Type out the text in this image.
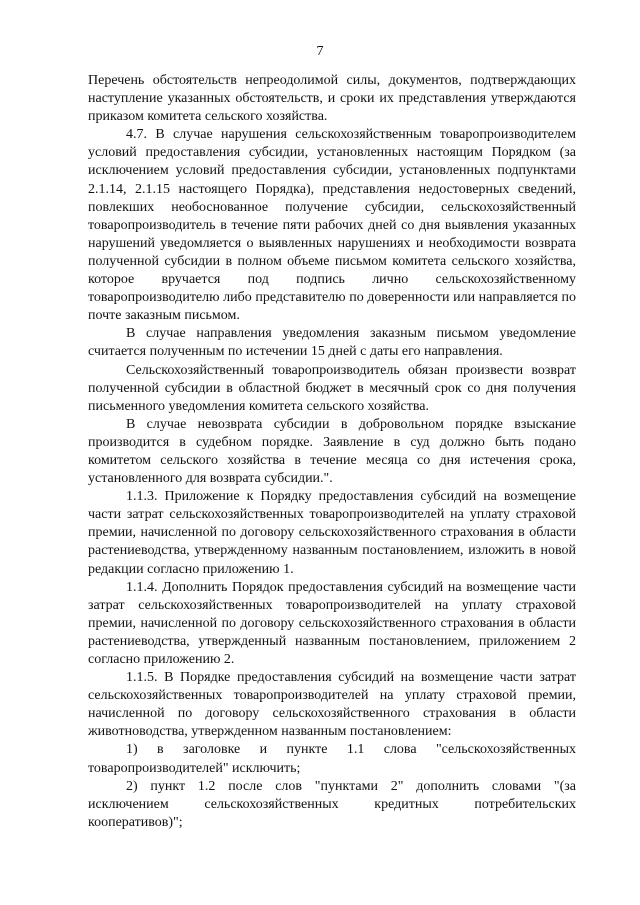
7

Перечень обстоятельств непреодолимой силы, документов, подтверждающих наступление указанных обстоятельств, и сроки их представления утверждаются приказом комитета сельского хозяйства.

4.7. В случае нарушения сельскохозяйственным товаропроизводителем условий предоставления субсидии, установленных настоящим Порядком (за исключением условий предоставления субсидии, установленных подпунктами 2.1.14, 2.1.15 настоящего Порядка), представления недостоверных сведений, повлекших необоснованное получение субсидии, сельскохозяйственный товаропроизводитель в течение пяти рабочих дней со дня выявления указанных нарушений уведомляется о выявленных нарушениях и необходимости возврата полученной субсидии в полном объеме письмом комитета сельского хозяйства, которое вручается под подпись лично сельскохозяйственному товаропроизводителю либо представителю по доверенности или направляется по почте заказным письмом.

В случае направления уведомления заказным письмом уведомление считается полученным по истечении 15 дней с даты его направления.

Сельскохозяйственный товаропроизводитель обязан произвести возврат полученной субсидии в областной бюджет в месячный срок со дня получения письменного уведомления комитета сельского хозяйства.

В случае невозврата субсидии в добровольном порядке взыскание производится в судебном порядке. Заявление в суд должно быть подано комитетом сельского хозяйства в течение месяца со дня истечения срока, установленного для возврата субсидии.".

1.1.3. Приложение к Порядку предоставления субсидий на возмещение части затрат сельскохозяйственных товаропроизводителей на уплату страховой премии, начисленной по договору сельскохозяйственного страхования в области растениеводства, утвержденному названным постановлением, изложить в новой редакции согласно приложению 1.

1.1.4. Дополнить Порядок предоставления субсидий на возмещение части затрат сельскохозяйственных товаропроизводителей на уплату страховой премии, начисленной по договору сельскохозяйственного страхования в области растениеводства, утвержденный названным постановлением, приложением 2 согласно приложению 2.

1.1.5. В Порядке предоставления субсидий на возмещение части затрат сельскохозяйственных товаропроизводителей на уплату страховой премии, начисленной по договору сельскохозяйственного страхования в области животноводства, утвержденном названным постановлением:

1) в заголовке и пункте 1.1 слова "сельскохозяйственных товаропроизводителей" исключить;

2) пункт 1.2 после слов "пунктами 2" дополнить словами "(за исключением сельскохозяйственных кредитных потребительских кооперативов)";
